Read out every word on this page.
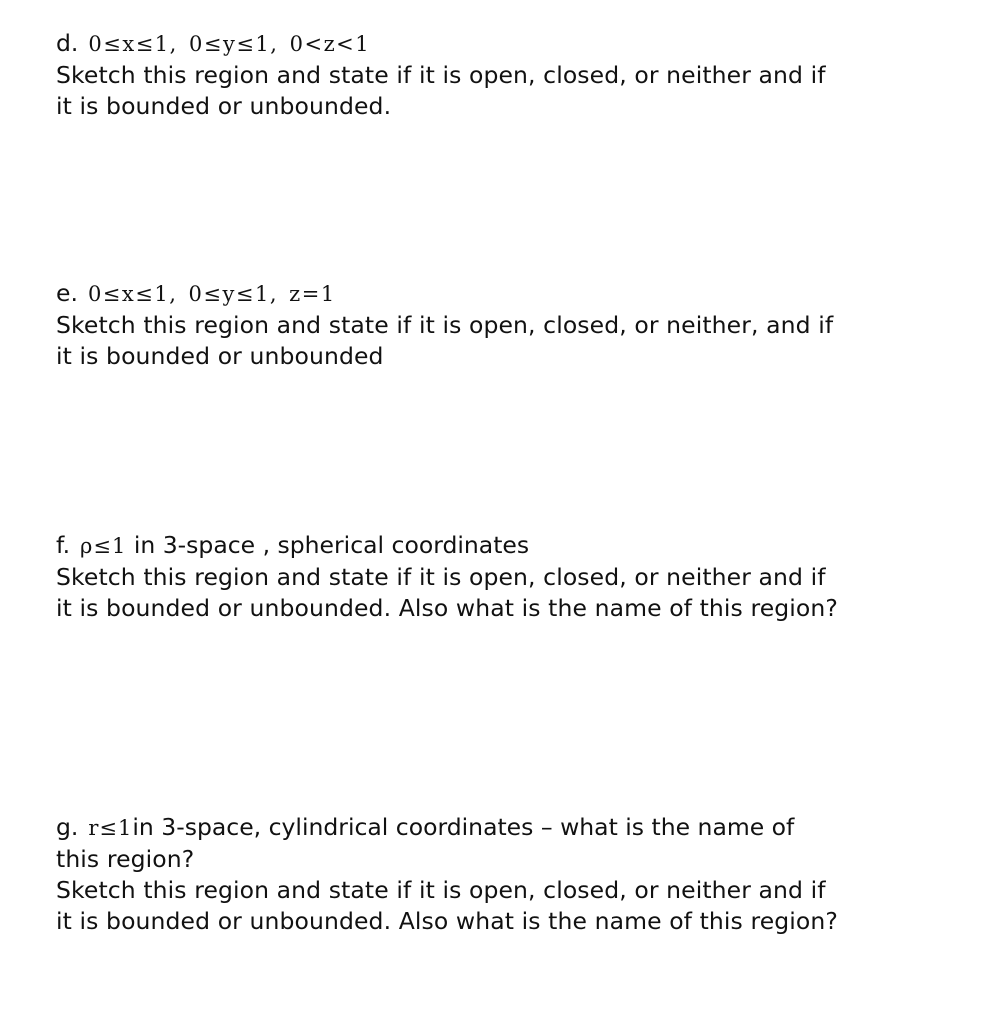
d. 0≤x≤1, 0≤y≤1, 0<z<1
Sketch this region and state if it is open, closed, or neither and if
it is bounded or unbounded.
e. 0≤x≤1, 0≤y≤1, z=1
Sketch this region and state if it is open, closed, or neither, and if
it is bounded or unbounded
f. ρ≤1 in 3-space , spherical coordinates
Sketch this region and state if it is open, closed, or neither and if
it is bounded or unbounded. Also what is the name of this region?
g. r≤1in 3-space, cylindrical coordinates – what is the name of
this region?
Sketch this region and state if it is open, closed, or neither and if
it is bounded or unbounded. Also what is the name of this region?
